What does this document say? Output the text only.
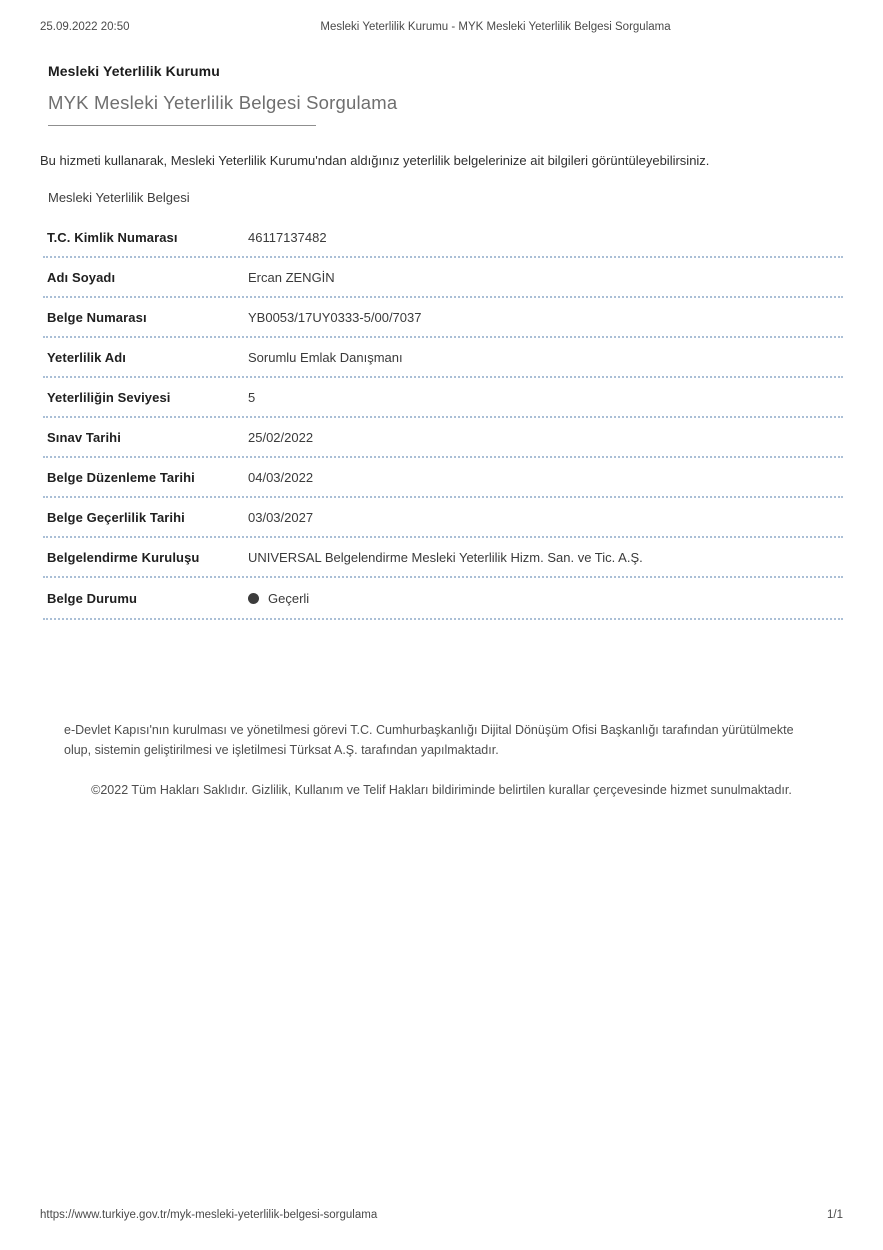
25.09.2022 20:50	Mesleki Yeterlilik Kurumu - MYK Mesleki Yeterlilik Belgesi Sorgulama
Mesleki Yeterlilik Kurumu
MYK Mesleki Yeterlilik Belgesi Sorgulama

Bu hizmeti kullanarak, Mesleki Yeterlilik Kurumu'ndan aldığınız yeterlilik belgelerinize ait bilgileri görüntüleyebilirsiniz.

Mesleki Yeterlilik Belgesi
T.C. Kimlik Numarası	46117137482
Adı Soyadı	Ercan ZENGİN
Belge Numarası	YB0053/17UY0333-5/00/7037
Yeterlilik Adı	Sorumlu Emlak Danışmanı
Yeterliliğin Seviyesi	5
Sınav Tarihi	25/02/2022
Belge Düzenleme Tarihi	04/03/2022
Belge Geçerlilik Tarihi	03/03/2027
Belgelendirme Kuruluşu	UNIVERSAL Belgelendirme Mesleki Yeterlilik Hizm. San. ve Tic. A.Ş.
Belge Durumu	Geçerli

e-Devlet Kapısı'nın kurulması ve yönetilmesi görevi T.C. Cumhurbaşkanlığı Dijital Dönüşüm Ofisi Başkanlığı tarafından yürütülmekte olup, sistemin geliştirilmesi ve işletilmesi Türksat A.Ş. tarafından yapılmaktadır.

©2022 Tüm Hakları Saklıdır. Gizlilik, Kullanım ve Telif Hakları bildiriminde belirtilen kurallar çerçevesinde hizmet sunulmaktadır.

https://www.turkiye.gov.tr/myk-mesleki-yeterlilik-belgesi-sorgulama	1/1
